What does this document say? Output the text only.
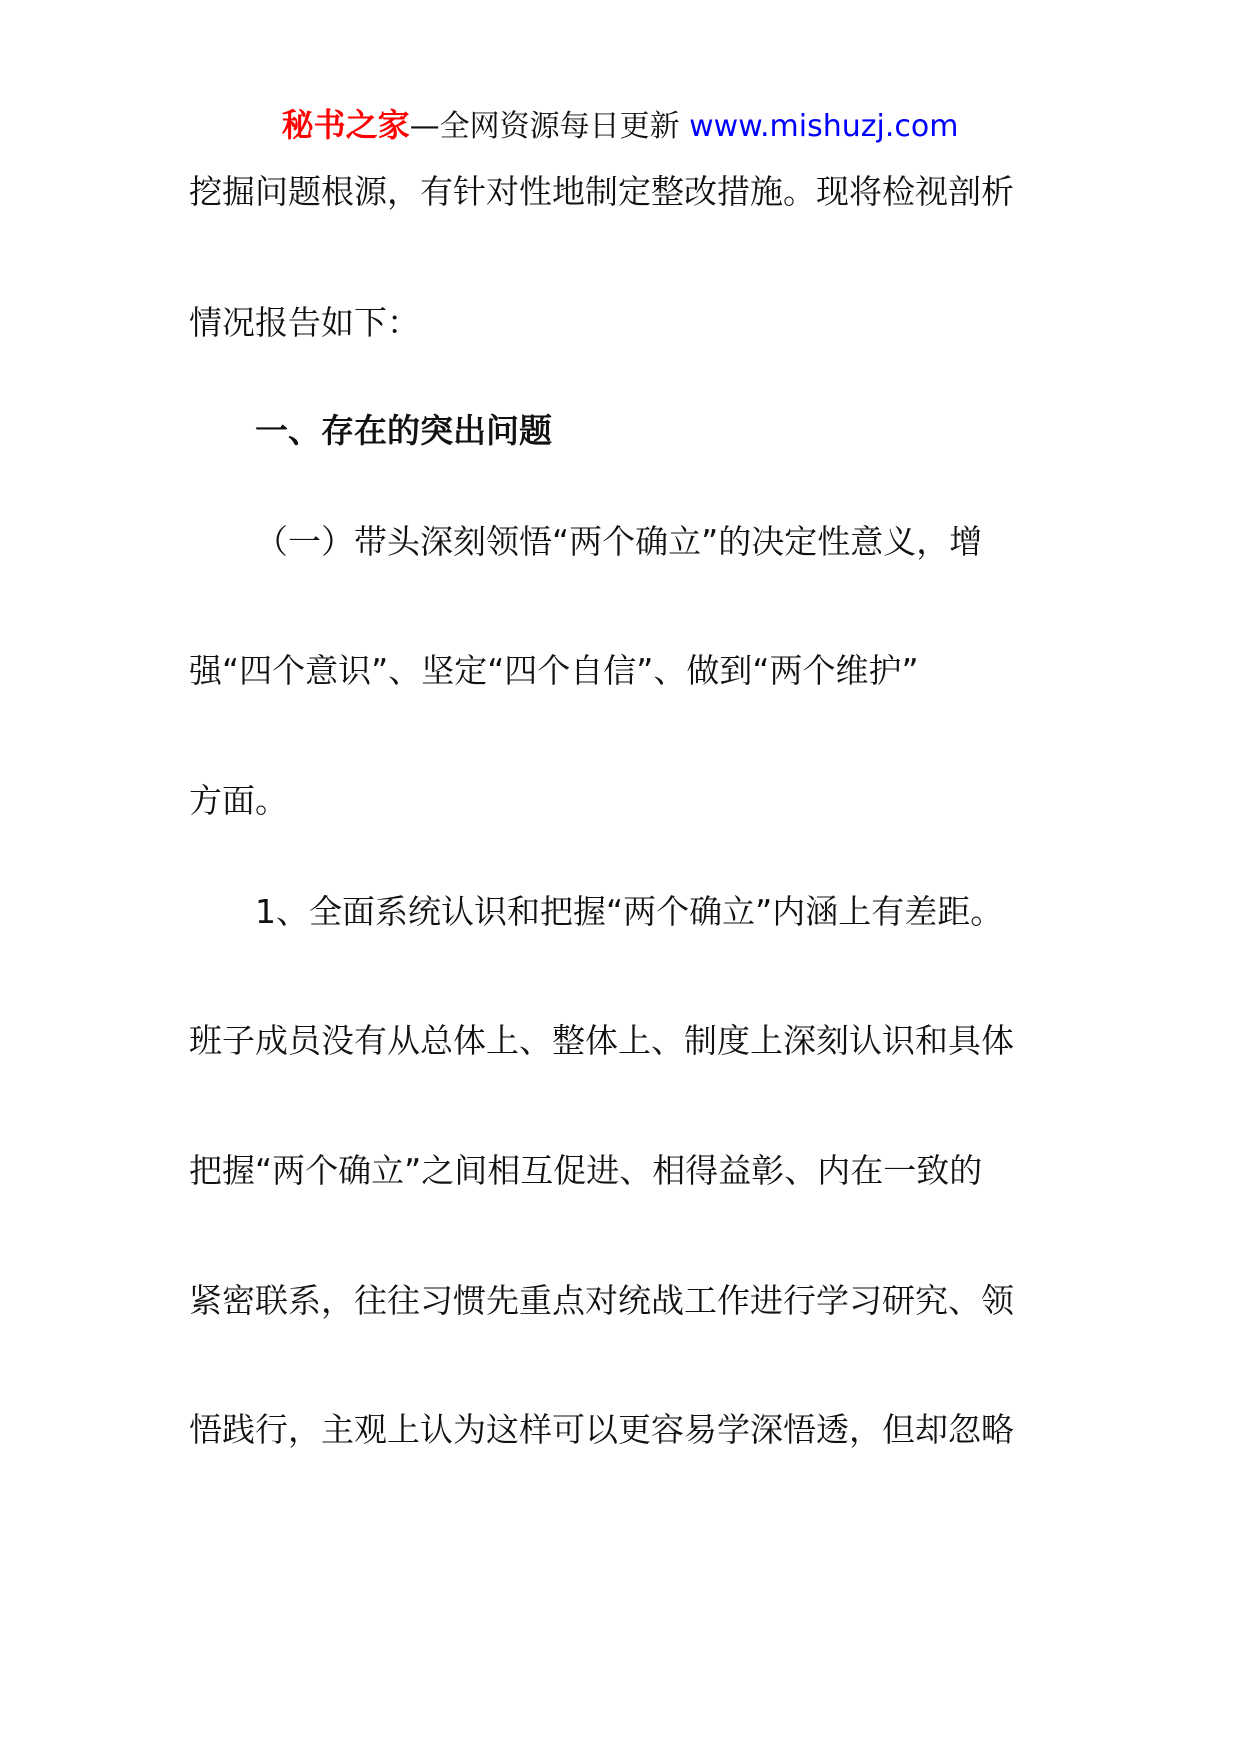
秘书之家—全网资源每日更新 www.mishuzj.com
挖掘问题根源，有针对性地制定整改措施。现将检视剖析
情况报告如下：
一、存在的突出问题
（一）带头深刻领悟“两个确立”的决定性意义，增
强“四个意识”、坚定“四个自信”、做到“两个维护”
方面。
1、全面系统认识和把握“两个确立”内涵上有差距。
班子成员没有从总体上、整体上、制度上深刻认识和具体
把握“两个确立”之间相互促进、相得益彰、内在一致的
紧密联系，往往习惯先重点对统战工作进行学习研究、领
悟践行，主观上认为这样可以更容易学深悟透，但却忽略
